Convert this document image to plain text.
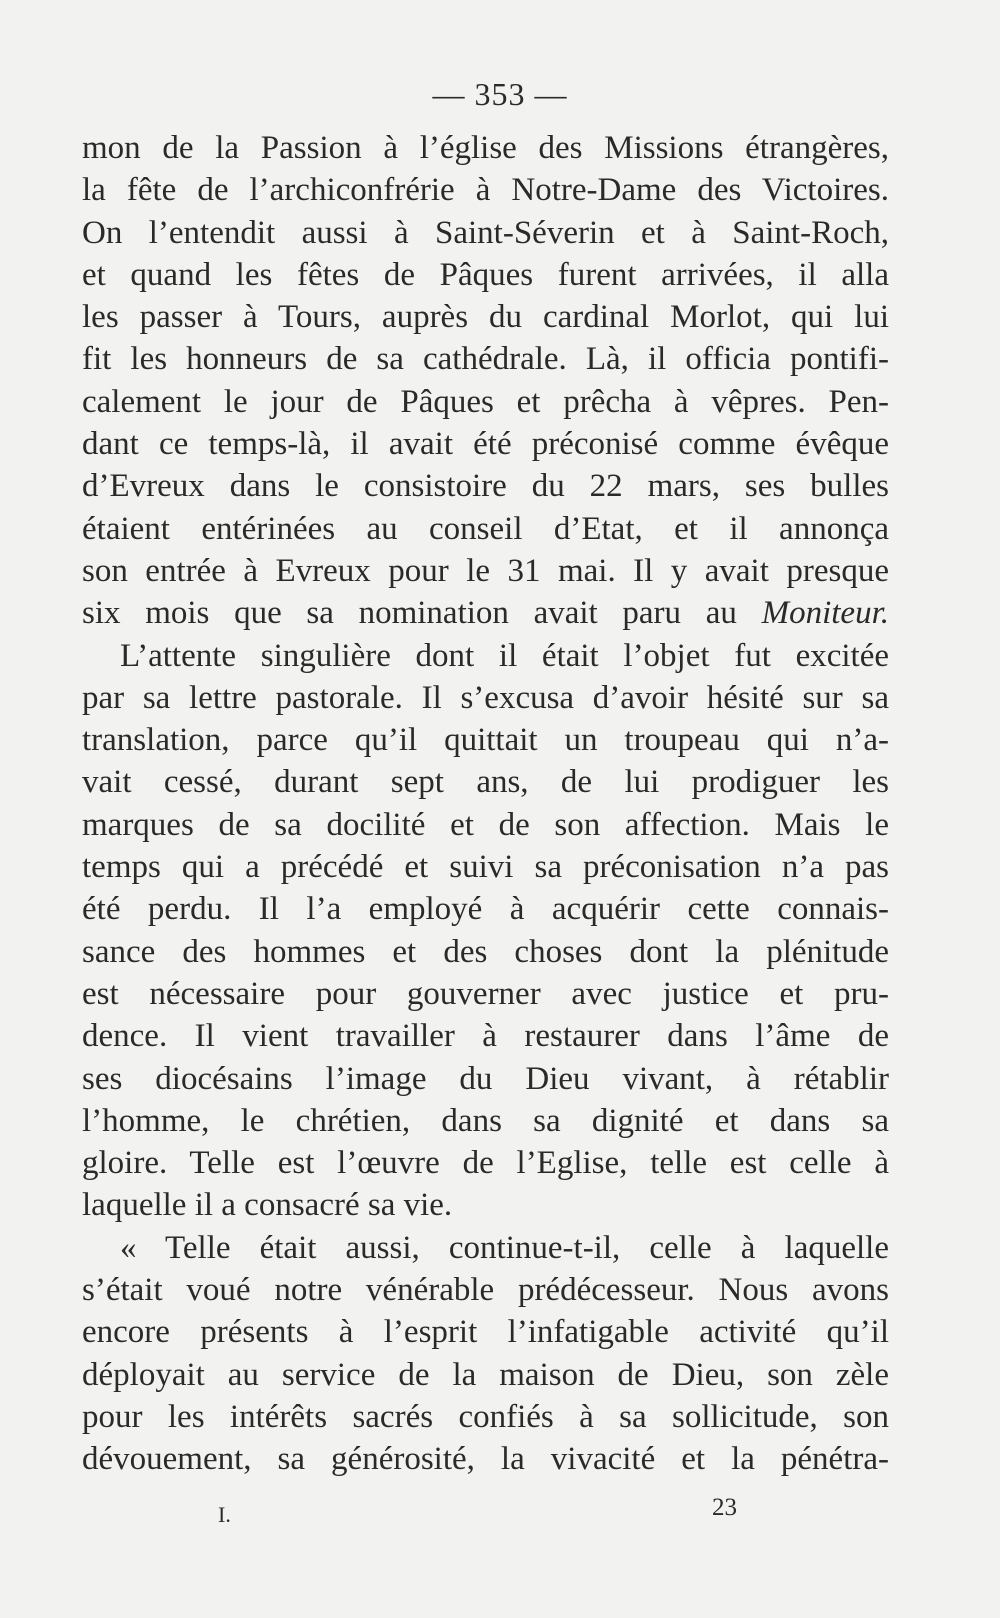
— 353 —
mon de la Passion à l’église des Missions étrangères,
la fête de l’archiconfrérie à Notre-Dame des Victoires.
On l’entendit aussi à Saint-Séverin et à Saint-Roch,
et quand les fêtes de Pâques furent arrivées, il alla
les passer à Tours, auprès du cardinal Morlot, qui lui
fit les honneurs de sa cathédrale. Là, il officia pontifi-
calement le jour de Pâques et prêcha à vêpres. Pen-
dant ce temps-là, il avait été préconisé comme évêque
d’Evreux dans le consistoire du 22 mars, ses bulles
étaient entérinées au conseil d’Etat, et il annonça
son entrée à Evreux pour le 31 mai. Il y avait presque
six mois que sa nomination avait paru au Moniteur.
L’attente singulière dont il était l’objet fut excitée
par sa lettre pastorale. Il s’excusa d’avoir hésité sur sa
translation, parce qu’il quittait un troupeau qui n’a-
vait cessé, durant sept ans, de lui prodiguer les
marques de sa docilité et de son affection. Mais le
temps qui a précédé et suivi sa préconisation n’a pas
été perdu. Il l’a employé à acquérir cette connais-
sance des hommes et des choses dont la plénitude
est nécessaire pour gouverner avec justice et pru-
dence. Il vient travailler à restaurer dans l’âme de
ses diocésains l’image du Dieu vivant, à rétablir
l’homme, le chrétien, dans sa dignité et dans sa
gloire. Telle est l’œuvre de l’Eglise, telle est celle à
laquelle il a consacré sa vie.
« Telle était aussi, continue-t-il, celle à laquelle
s’était voué notre vénérable prédécesseur. Nous avons
encore présents à l’esprit l’infatigable activité qu’il
déployait au service de la maison de Dieu, son zèle
pour les intérêts sacrés confiés à sa sollicitude, son
dévouement, sa générosité, la vivacité et la pénétra-
I.	23
